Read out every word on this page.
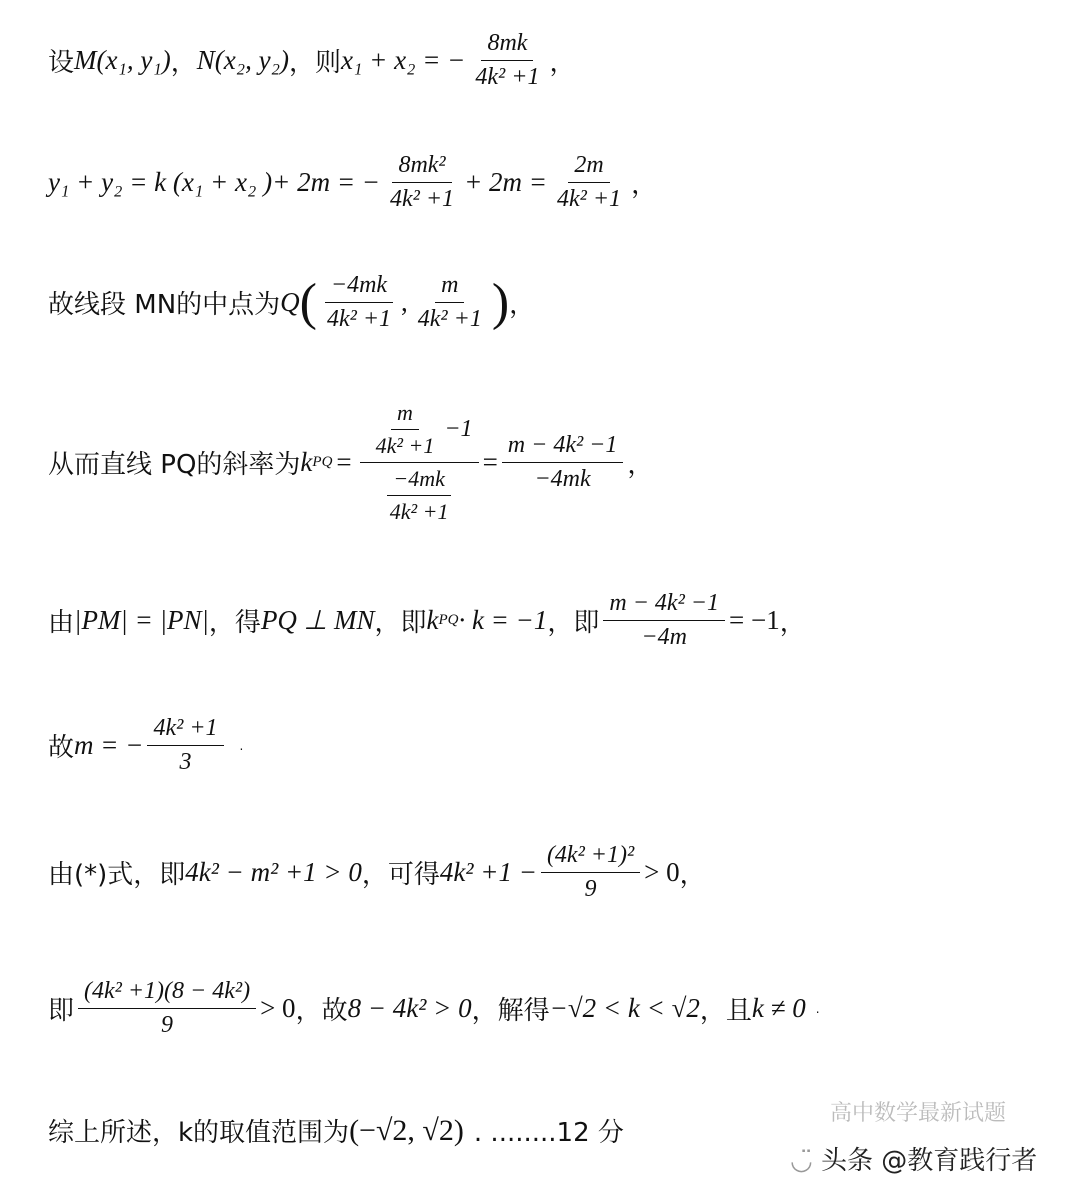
设 M(x₁, y₁) ， N(x₂, y₂) ，则 x₁ + x₂ = − $\frac{8mk}{\text{4k² +1}}$ ，
y₁ + y₂ = k (x₁ + x₂ )+ 2m = − $\frac{\text{8mk²}}{\text{4k² +1}} + 2m = \frac{2m}{\text{4k² +1}}$ ，
故线段 MN的中点为 Q ( $\frac{-4mk}{\text{4k² +1}}$ , $\frac{m}{\text{4k² +1}}$ ) ，
从而直线 PQ的斜率为 k PQ = $\frac{\frac{m}{\text{4k² +1}} -1}{\frac{-4mk}{\text{4k² +1}}} = \frac{\text{m − 4k² −1}}{-4mk}$ ，
由 |PM| = |PN| ，得 PQ ⊥ MN ，即 k PQ · k = −1 ，即 $\frac{\text{m − 4k² −1}}{-4m} = -1$ ，
故 m = − $\frac{\text{4k² +1}}{3}$ .
由(*)式，即 4k² − m² +1 > 0 ，可得 $4k^2 +1 - \frac{\text{(4k² +1)²}}{9} > 0$ ，
即 $\frac{\text{(4k² +1)(8 − 4k²)}}{9} > 0$ ，故 8 − 4k² > 0 ，解得 −√2 < k < √2 ，且 k ≠ 0 .
综上所述，k的取值范围为 (−√2, √2) . ........12 分
高中数学最新试题
◡̈ 头条 @教育践行者
